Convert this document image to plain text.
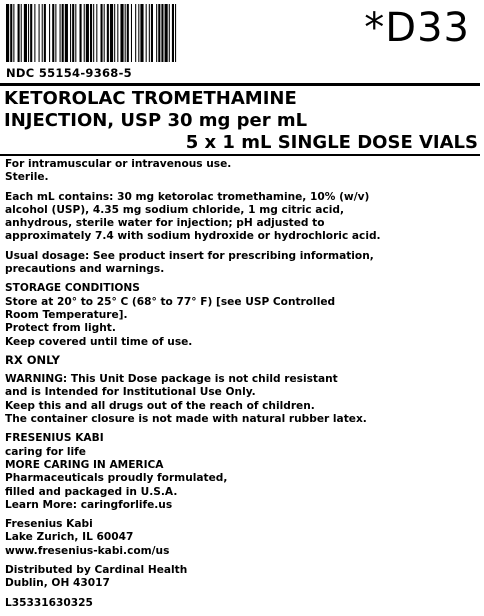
*D33
NDC 55154-9368-5
KETOROLAC TROMETHAMINE
INJECTION, USP 30 mg per mL
5 x 1 mL SINGLE DOSE VIALS

For intramuscular or intravenous use.
Sterile.

Each mL contains: 30 mg ketorolac tromethamine, 10% (w/v)
alcohol (USP), 4.35 mg sodium chloride, 1 mg citric acid,
anhydrous, sterile water for injection; pH adjusted to
approximately 7.4 with sodium hydroxide or hydrochloric acid.

Usual dosage: See product insert for prescribing information,
precautions and warnings.

STORAGE CONDITIONS
Store at 20° to 25° C (68° to 77° F) [see USP Controlled
Room Temperature].
Protect from light.
Keep covered until time of use.

RX ONLY

WARNING: This Unit Dose package is not child resistant
and is Intended for Institutional Use Only.
Keep this and all drugs out of the reach of children.
The container closure is not made with natural rubber latex.

FRESENIUS KABI
caring for life
MORE CARING IN AMERICA
Pharmaceuticals proudly formulated,
filled and packaged in U.S.A.
Learn More: caringforlife.us

Fresenius Kabi
Lake Zurich, IL 60047
www.fresenius-kabi.com/us

Distributed by Cardinal Health
Dublin, OH 43017

L35331630325
